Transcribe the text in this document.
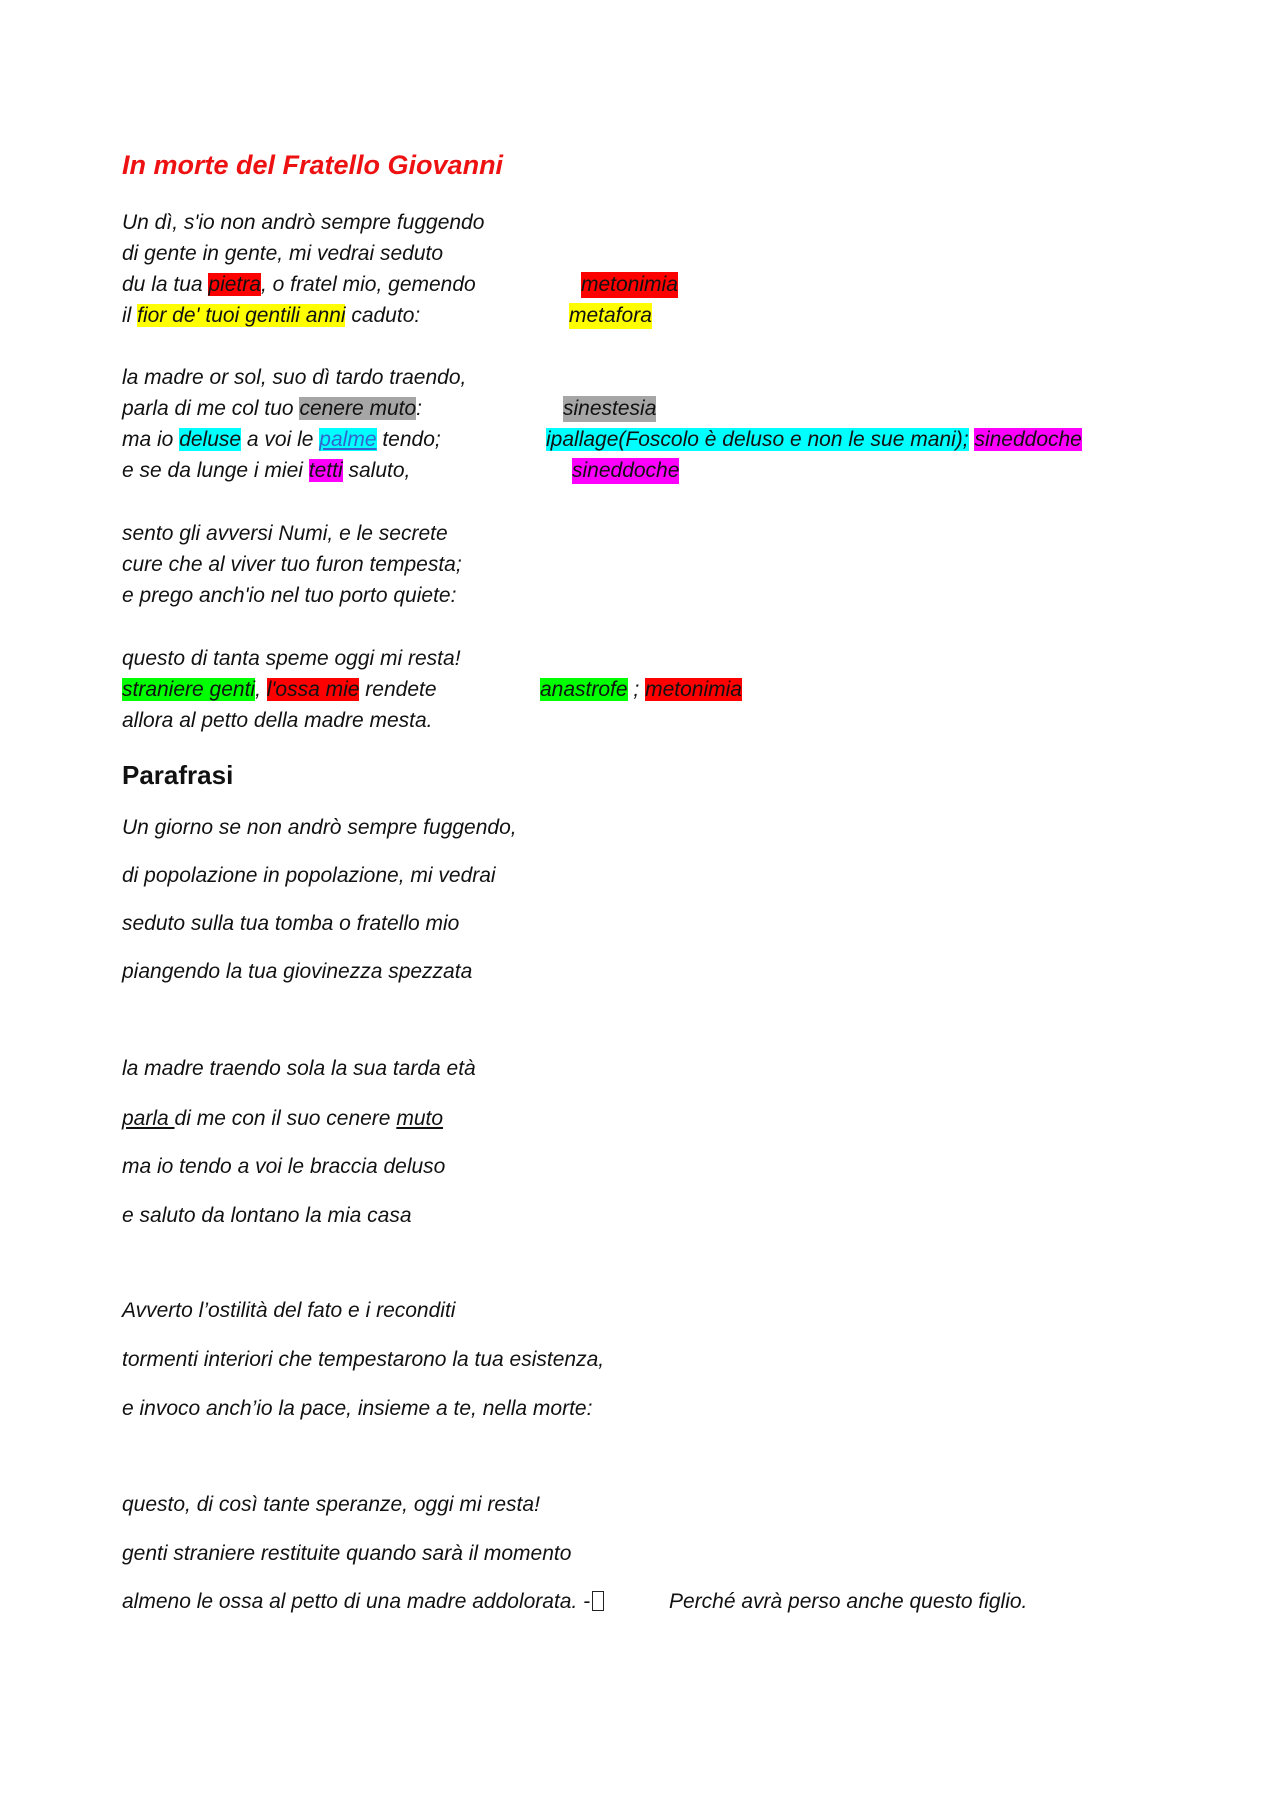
In morte del Fratello Giovanni
Un dì, s'io non andrò sempre fuggendo
di gente in gente, mi vedrai seduto
du la tua pietra, o fratel mio, gemendo
il fior de' tuoi gentili anni caduto:
metonimia
metafora
la madre or sol, suo dì tardo traendo,
parla di me col tuo cenere muto:
ma io deluse a voi le palme tendo;
e se da lunge i miei tetti saluto,
sinestesia
ipallage(Foscolo è deluso e non le sue mani); sineddoche
sineddoche
sento gli avversi Numi, e le secrete
cure che al viver tuo furon tempesta;
e prego anch'io nel tuo porto quiete:
questo di tanta speme oggi mi resta!
straniere genti, l'ossa mie rendete
allora al petto della madre mesta.
anastrofe ; metonimia
Parafrasi
Un giorno se non andrò sempre fuggendo,
di popolazione in popolazione, mi vedrai
seduto sulla tua tomba o fratello mio
piangendo la tua giovinezza spezzata
la madre traendo sola la sua tarda età
parla di me con il suo cenere muto
ma io tendo a voi le braccia deluso
e saluto da lontano la mia casa
Avverto l’ostilità del fato e i reconditi
tormenti interiori che tempestarono la tua esistenza,
e invoco anch’io la pace, insieme a te, nella morte:
questo, di così tante speranze, oggi mi resta!
genti straniere restituite quando sarà il momento
almeno le ossa al petto di una madre addolorata. -	Perché avrà perso anche questo figlio.
